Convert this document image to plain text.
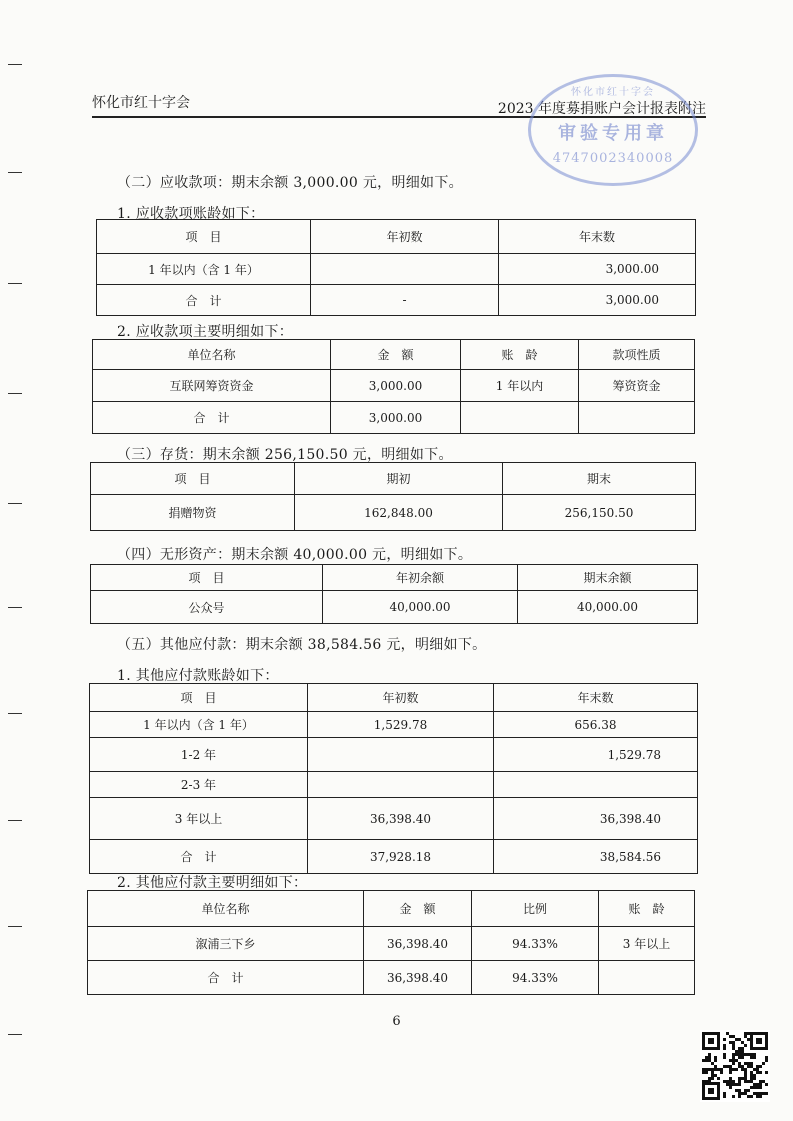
怀化市红十字会	2023 年度募捐账户会计报表附注
怀化市红十字会
审验专用章
4747002340008
（二）应收款项：期末余额 3,000.00 元，明细如下。
1. 应收款项账龄如下：
项　目	年初数	年末数
1 年以内（含 1 年）		3,000.00
合　计	-	3,000.00
2. 应收款项主要明细如下：
单位名称	金　额	账　龄	款项性质
互联网筹资资金	3,000.00	1 年以内	筹资资金
合　计	3,000.00		
（三）存货：期末余额 256,150.50 元，明细如下。
项　目	期初	期末
捐赠物资	162,848.00	256,150.50
（四）无形资产：期末余额 40,000.00 元，明细如下。
项　目	年初余额	期末余额
公众号	40,000.00	40,000.00
（五）其他应付款：期末余额 38,584.56 元，明细如下。
1. 其他应付款账龄如下：
项　目	年初数	年末数
1 年以内（含 1 年）	1,529.78	656.38
1-2 年		1,529.78
2-3 年		
3 年以上	36,398.40	36,398.40
合　计	37,928.18	38,584.56
2. 其他应付款主要明细如下：
单位名称	金　额	比例	账　龄
溆浦三下乡	36,398.40	94.33%	3 年以上
合　计	36,398.40	94.33%	
6
